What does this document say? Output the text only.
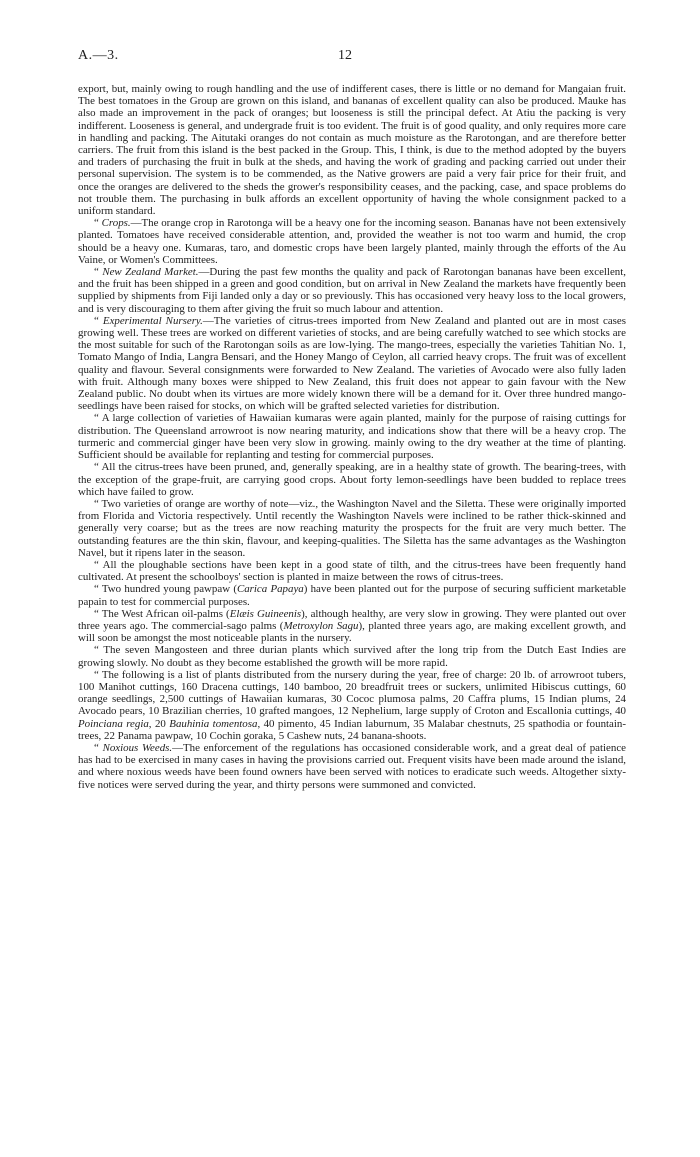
A.—3.	12

export, but, mainly owing to rough handling and the use of indifferent cases, there is little or no demand for Mangaian fruit. The best tomatoes in the Group are grown on this island, and bananas of excellent quality can also be produced. Mauke has also made an improvement in the pack of oranges; but looseness is still the principal defect. At Atiu the packing is very indifferent. Looseness is general, and undergrade fruit is too evident. The fruit is of good quality, and only requires more care in handling and packing. The Aitutaki oranges do not contain as much moisture as the Rarotongan, and are therefore better carriers. The fruit from this island is the best packed in the Group. This, I think, is due to the method adopted by the buyers and traders of purchasing the fruit in bulk at the sheds, and having the work of grading and packing carried out under their personal supervision. The system is to be commended, as the Native growers are paid a very fair price for their fruit, and once the oranges are delivered to the sheds the grower's responsibility ceases, and the packing, case, and space problems do not trouble them. The purchasing in bulk affords an excellent opportunity of having the whole consignment packed to a uniform standard.

“ Crops.—The orange crop in Rarotonga will be a heavy one for the incoming season. Bananas have not been extensively planted. Tomatoes have received considerable attention, and, provided the weather is not too warm and humid, the crop should be a heavy one. Kumaras, taro, and domestic crops have been largely planted, mainly through the efforts of the Au Vaine, or Women's Committees.

“ New Zealand Market.—During the past few months the quality and pack of Rarotongan bananas have been excellent, and the fruit has been shipped in a green and good condition, but on arrival in New Zealand the markets have frequently been supplied by shipments from Fiji landed only a day or so previously. This has occasioned very heavy loss to the local growers, and is very discouraging to them after giving the fruit so much labour and attention.

“ Experimental Nursery.—The varieties of citrus-trees imported from New Zealand and planted out are in most cases growing well. These trees are worked on different varieties of stocks, and are being carefully watched to see which stocks are the most suitable for such of the Rarotongan soils as are low-lying. The mango-trees, especially the varieties Tahitian No. 1, Tomato Mango of India, Langra Bensari, and the Honey Mango of Ceylon, all carried heavy crops. The fruit was of excellent quality and flavour. Several consignments were forwarded to New Zealand. The varieties of Avocado were also fully laden with fruit. Although many boxes were shipped to New Zealand, this fruit does not appear to gain favour with the New Zealand public. No doubt when its virtues are more widely known there will be a demand for it. Over three hundred mango-seedlings have been raised for stocks, on which will be grafted selected varieties for distribution.

“ A large collection of varieties of Hawaiian kumaras were again planted, mainly for the purpose of raising cuttings for distribution. The Queensland arrowroot is now nearing maturity, and indications show that there will be a heavy crop. The turmeric and commercial ginger have been very slow in growing. mainly owing to the dry weather at the time of planting. Sufficient should be available for replanting and testing for commercial purposes.

“ All the citrus-trees have been pruned, and, generally speaking, are in a healthy state of growth. The bearing-trees, with the exception of the grape-fruit, are carrying good crops. About forty lemon-seedlings have been budded to replace trees which have failed to grow.

“ Two varieties of orange are worthy of note—viz., the Washington Navel and the Siletta. These were originally imported from Florida and Victoria respectively. Until recently the Washington Navels were inclined to be rather thick-skinned and generally very coarse; but as the trees are now reaching maturity the prospects for the fruit are very much better. The outstanding features are the thin skin, flavour, and keeping-qualities. The Siletta has the same advantages as the Washington Navel, but it ripens later in the season.

“ All the ploughable sections have been kept in a good state of tilth, and the citrus-trees have been frequently hand cultivated. At present the schoolboys' section is planted in maize between the rows of citrus-trees.

“ Two hundred young pawpaw (Carica Papaya) have been planted out for the purpose of securing sufficient marketable papain to test for commercial purposes.

“ The West African oil-palms (Elæis Guineenis), although healthy, are very slow in growing. They were planted out over three years ago. The commercial-sago palms (Metroxylon Sagu), planted three years ago, are making excellent growth, and will soon be amongst the most noticeable plants in the nursery.

“ The seven Mangosteen and three durian plants which survived after the long trip from the Dutch East Indies are growing slowly. No doubt as they become established the growth will be more rapid.

“ The following is a list of plants distributed from the nursery during the year, free of charge: 20 lb. of arrowroot tubers, 100 Manihot cuttings, 160 Dracena cuttings, 140 bamboo, 20 breadfruit trees or suckers, unlimited Hibiscus cuttings, 60 orange seedlings, 2,500 cuttings of Hawaiian kumaras, 30 Cococ plumosa palms, 20 Caffra plums, 15 Indian plums, 24 Avocado pears, 10 Brazilian cherries, 10 grafted mangoes, 12 Nephelium, large supply of Croton and Escallonia cuttings, 40 Poinciana regia, 20 Bauhinia tomentosa, 40 pimento, 45 Indian laburnum, 35 Malabar chestnuts, 25 spathodia or fountain-trees, 22 Panama pawpaw, 10 Cochin goraka, 5 Cashew nuts, 24 banana-shoots.

“ Noxious Weeds.—The enforcement of the regulations has occasioned considerable work, and a great deal of patience has had to be exercised in many cases in having the provisions carried out. Frequent visits have been made around the island, and where noxious weeds have been found owners have been served with notices to eradicate such weeds. Altogether sixty-five notices were served during the year, and thirty persons were summoned and convicted.
